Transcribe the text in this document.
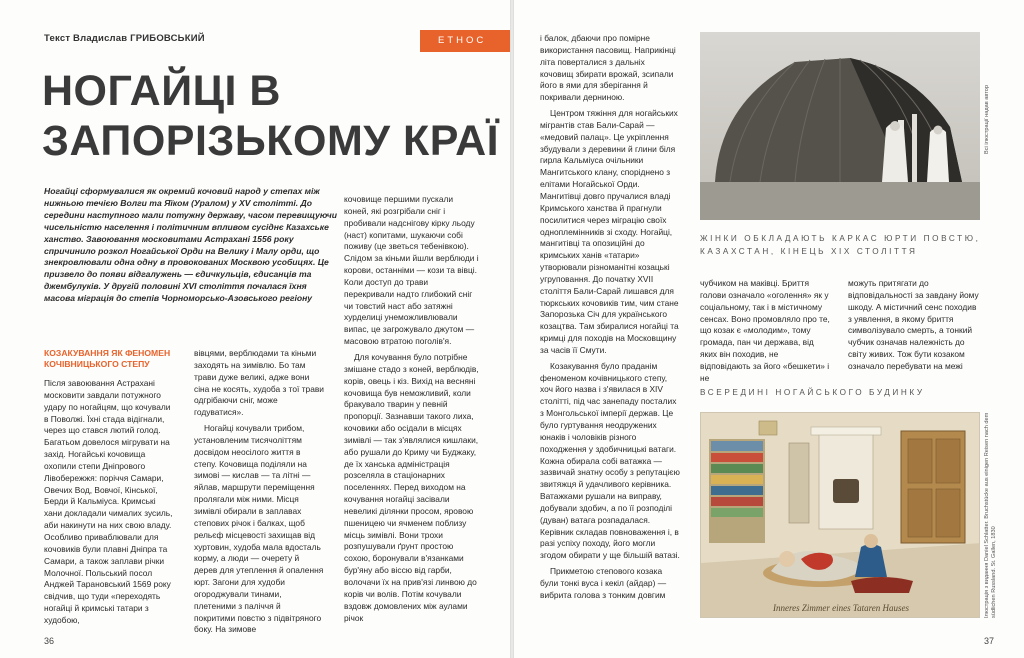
Текст Владислав ГРИБОВСЬКИЙ	ЕТНОС
НОГАЙЦІ В ЗАПОРІЗЬКОМУ КРАЇ
Ногайці сформувалися як окремий кочовий народ у степах між нижньою течією Волги та Яїком (Уралом) у XV столітті. До середини наступного мали потужну державу, часом перевищуючи чисельністю населення і політичним впливом сусіднє Казахське ханство. Завоювання московитами Астрахані 1556 року спричинило розкол Ногайської Орди на Велику і Малу орди, що знекровлювали одна одну в провокованих Москвою усобицях. Це призвело до появи відгалужень — єдичкульців, єдисанців та джембулуків. У другій половині XVI століття почалася їхня масова міграція до степів Чорноморсько-Азовського регіону
КОЗАКУВАННЯ ЯК ФЕНОМЕН КОЧІВНИЦЬКОГО СТЕПУ

Після завоювання Астрахані московити завдали потужного удару по ногайцям, що кочували в Поволжі. Їхні стада відігнали, через що стався лютий голод. Багатьом довелося мігрувати на захід. Ногайські кочовища охопили степи Дніпрового Лівобережжя: поріччя Самари, Овечих Вод, Вовчої, Кінської, Берди й Кальміуса. Кримські хани докладали чималих зусиль, аби накинути на них свою владу. Особливо приваблювали для кочовиків були плавні Дніпра та Самари, а також заплави річки Молочної. Польський посол Анджей Тарановський 1569 року свідчив, що туди «переходять ногайці й кримські татари з худобою,

вівцями, верблюдами та кіньми заходять на зимівлю. Бо там трави дуже великі, адже вони сіна не косять, худоба з тої трави одгрібаючи сніг, може годуватися».

Ногайці кочували трибом, установленим тисячоліттям досвідом неосілого життя в степу. Кочовища поділяли на зимові — кислав — та літні — яйлав, маршрути переміщення пролягали між ними. Місця зимівлі обирали в заплавах степових річок і балках, щоб рельєф місцевості захищав від хуртовин, худоба мала вдосталь корму, а люди — очерету й дерев для утеплення й опалення юрт. Загони для худоби огороджували тинами, плетеними з паліччя й покритими повстю з підвітряного боку. На зимове

кочовище першими пускали коней, які розгрібали сніг і пробивали надснігову кірку льоду (наст) копитами, шукаючи собі поживу (це зветься тебенівкою). Слідом за кіньми йшли верблюди і корови, останніми — кози та вівці. Коли доступ до трави перекривали надто глибокий сніг чи товстий наст або затяжні хурделиці унеможливлювали випас, це загрожувало джутом — масовою втратою поголів'я.

Для кочування було потрібне змішане стадо з коней, верблюдів, корів, овець і кіз. Вихід на весняні кочовища був неможливий, коли бракувало тварин у певній пропорції. Зазнавши такого лиха, кочовики або осідали в місцях зимівлі — так з'являлися кишлаки, або рушали до Криму чи Буджаку, де їх ханська адміністрація розселяла в стаціонарних поселеннях. Перед виходом на кочування ногайці засівали невеликі ділянки просом, яровою пшеницею чи ячменем поблизу місць зимівлі. Вони трохи розпушували ґрунт простою сохою, боронували в'язанками бур'яну або віссю від гарби, волочачи їх на прив'язі линвою до корів чи волів. Потім кочували вздовж домовлених між аулами річок

36

і балок, дбаючи про помірне використання пасовищ. Наприкінці літа поверталися з дальніх кочовищ збирати врожай, зсипали його в ями для зберігання й покривали дерниною.

Центром тяжіння для ногайських мігрантів став Бали-Сарай — «медовий палац». Це укріплення збудували з деревини й глини біля гирла Кальміуса очільники Мангитського клану, споріднено з елітами Ногайської Орди. Мангитівці довго пручалися владі Кримського ханства й прагнули посилитися через міграцію своїх одноплемінників зі сходу. Ногайці, мангитівці та опозиційні до кримських ханів «татари» утворювали різноманітні козацькі угруповання. До початку XVII століття Бали-Сарай лишався для тюркських кочовиків тим, чим стане Запорозька Січ для українського козацтва. Там збиралися ногайці та кримці для походів на Московщину за часів її Смути.

Козакування було праданім феноменом кочівницького степу, хоч його назва і з'явилася в XIV столітті, під час занепаду посталих з Монгольської імперії держав. Це було гуртування неодружених юнаків і чоловіків різного походження у здобичницькі ватаги. Кожна обирала собі ватажка — зазвичай знатну особу з репутацією звитяжця й удачливого керівника. Ватажками рушали на виправу, добували здобич, а по її розподілі (дуван) ватага розпадалася. Керівник складав повноваження і, в разі успіху походу, його могли згодом обирати у ще більшій ватазі.

Прикметою степового козака були тонкі вуса і кекіл (айдар) — вибрита голова з тонким довгим

чубчиком на маківці. Бриття голови означало «оголення» як у соціальному, так і в містичному сенсах. Воно промовляло про те, що козак є «молодим», тому громада, пан чи держава, від яких він походив, не відповідають за його «бешкети» і не

можуть притягати до відповідальності за завдану йому шкоду. А містичний сенс походив з уявлення, в якому бриття символізувало смерть, а тонкий чубчик означав належність до світу живих. Тож бути козаком означало перебувати на межі

37
Всі ілюстрації надав автор
ЖІНКИ ОБКЛАДАЮТЬ КАРКАС ЮРТИ ПОВСТЮ, КАЗАХСТАН, КІНЕЦЬ XIX СТОЛІТТЯ
ВСЕРЕДИНІ НОГАЙСЬКОГО БУДИНКУ
Inneres Zimmer eines Tataren Hauses	Ілюстрація з видання Daniel Schlatter. Bruchstücke aus einigen Reisen nach dem südlichen Russland. St. Gallen, 1830
